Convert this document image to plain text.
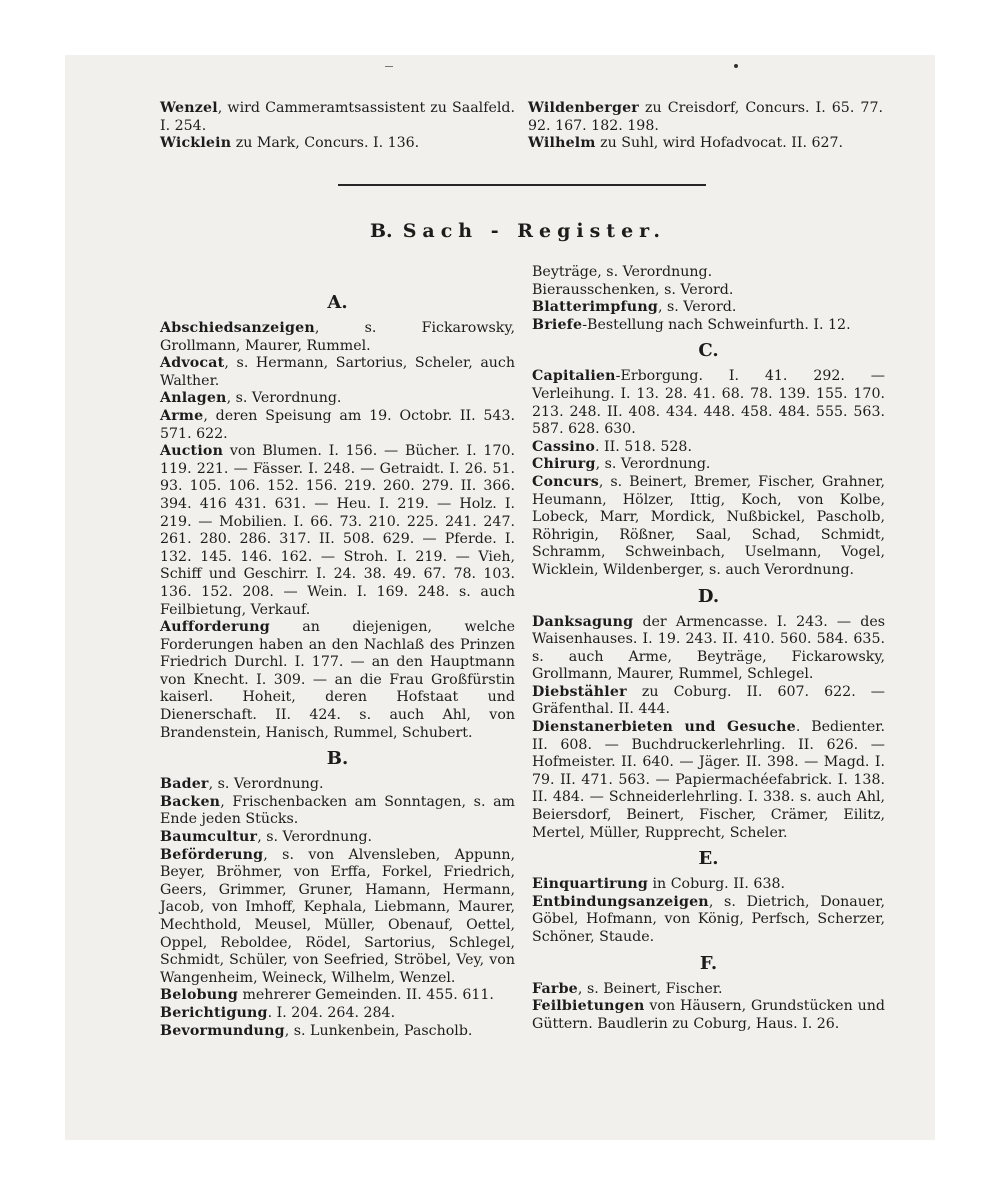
Wenzel, wird Cammeramtsassistent zu Saalfeld. I. 254.

Wicklein zu Mark, Concurs. I. 136.

Wildenberger zu Creisdorf, Concurs. I. 65. 77. 92. 167. 182. 198.

Wilhelm zu Suhl, wird Hofadvocat. II. 627.

B. Sach - Register.
A.

Abschiedsanzeigen, s. Fickarowsky, Grollmann, Maurer, Rummel.

Advocat, s. Hermann, Sartorius, Scheler, auch Walther.

Anlagen, s. Verordnung.

Arme, deren Speisung am 19. Octobr. II. 543. 571. 622.

Auction von Blumen. I. 156. — Bücher. I. 170. 119. 221. — Fässer. I. 248. — Getraidt. I. 26. 51. 93. 105. 106. 152. 156. 219. 260. 279. II. 366. 394. 416 431. 631. — Heu. I. 219. — Holz. I. 219. — Mobilien. I. 66. 73. 210. 225. 241. 247. 261. 280. 286. 317. II. 508. 629. — Pferde. I. 132. 145. 146. 162. — Stroh. I. 219. — Vieh, Schiff und Geschirr. I. 24. 38. 49. 67. 78. 103. 136. 152. 208. — Wein. I. 169. 248. s. auch Feilbietung, Verkauf.

Aufforderung an diejenigen, welche Forderungen haben an den Nachlaß des Prinzen Friedrich Durchl. I. 177. — an den Hauptmann von Knecht. I. 309. — an die Frau Großfürstin kaiserl. Hoheit, deren Hofstaat und Dienerschaft. II. 424. s. auch Ahl, von Brandenstein, Hanisch, Rummel, Schubert.

B.

Bader, s. Verordnung.

Backen, Frischenbacken am Sonntagen, s. am Ende jeden Stücks.

Baumcultur, s. Verordnung.

Beförderung, s. von Alvensleben, Appunn, Beyer, Bröhmer, von Erffa, Forkel, Friedrich, Geers, Grimmer, Gruner, Hamann, Hermann, Jacob, von Imhoff, Kephala, Liebmann, Maurer, Mechthold, Meusel, Müller, Obenauf, Oettel, Oppel, Reboldee, Rödel, Sartorius, Schlegel, Schmidt, Schüler, von Seefried, Ströbel, Vey, von Wangenheim, Weineck, Wilhelm, Wenzel.

Belobung mehrerer Gemeinden. II. 455. 611.

Berichtigung. I. 204. 264. 284.

Bevormundung, s. Lunkenbein, Pascholb.

Beyträge, s. Verordnung.

Bierausschenken, s. Verord.

Blatterimpfung, s. Verord.

Briefe-Bestellung nach Schweinfurth. I. 12.

C.

Capitalien-Erborgung. I. 41. 292. — Verleihung. I. 13. 28. 41. 68. 78. 139. 155. 170. 213. 248. II. 408. 434. 448. 458. 484. 555. 563. 587. 628. 630.

Cassino. II. 518. 528.

Chirurg, s. Verordnung.

Concurs, s. Beinert, Bremer, Fischer, Grahner, Heumann, Hölzer, Ittig, Koch, von Kolbe, Lobeck, Marr, Mordick, Nußbickel, Pascholb, Röhrigin, Rößner, Saal, Schad, Schmidt, Schramm, Schweinbach, Uselmann, Vogel, Wicklein, Wildenberger, s. auch Verordnung.

D.

Danksagung der Armencasse. I. 243. — des Waisenhauses. I. 19. 243. II. 410. 560. 584. 635. s. auch Arme, Beyträge, Fickarowsky, Grollmann, Maurer, Rummel, Schlegel.

Diebstähler zu Coburg. II. 607. 622. — Gräfenthal. II. 444.

Dienstanerbieten und Gesuche. Bedienter. II. 608. — Buchdruckerlehrling. II. 626. — Hofmeister. II. 640. — Jäger. II. 398. — Magd. I. 79. II. 471. 563. — Papiermachéefabrick. I. 138. II. 484. — Schneiderlehrling. I. 338. s. auch Ahl, Beiersdorf, Beinert, Fischer, Crämer, Eilitz, Mertel, Müller, Rupprecht, Scheler.

E.

Einquartirung in Coburg. II. 638.

Entbindungsanzeigen, s. Dietrich, Donauer, Göbel, Hofmann, von König, Perfsch, Scherzer, Schöner, Staude.

F.

Farbe, s. Beinert, Fischer.

Feilbietungen von Häusern, Grundstücken und Güttern. Baudlerin zu Coburg, Haus. I. 26.
